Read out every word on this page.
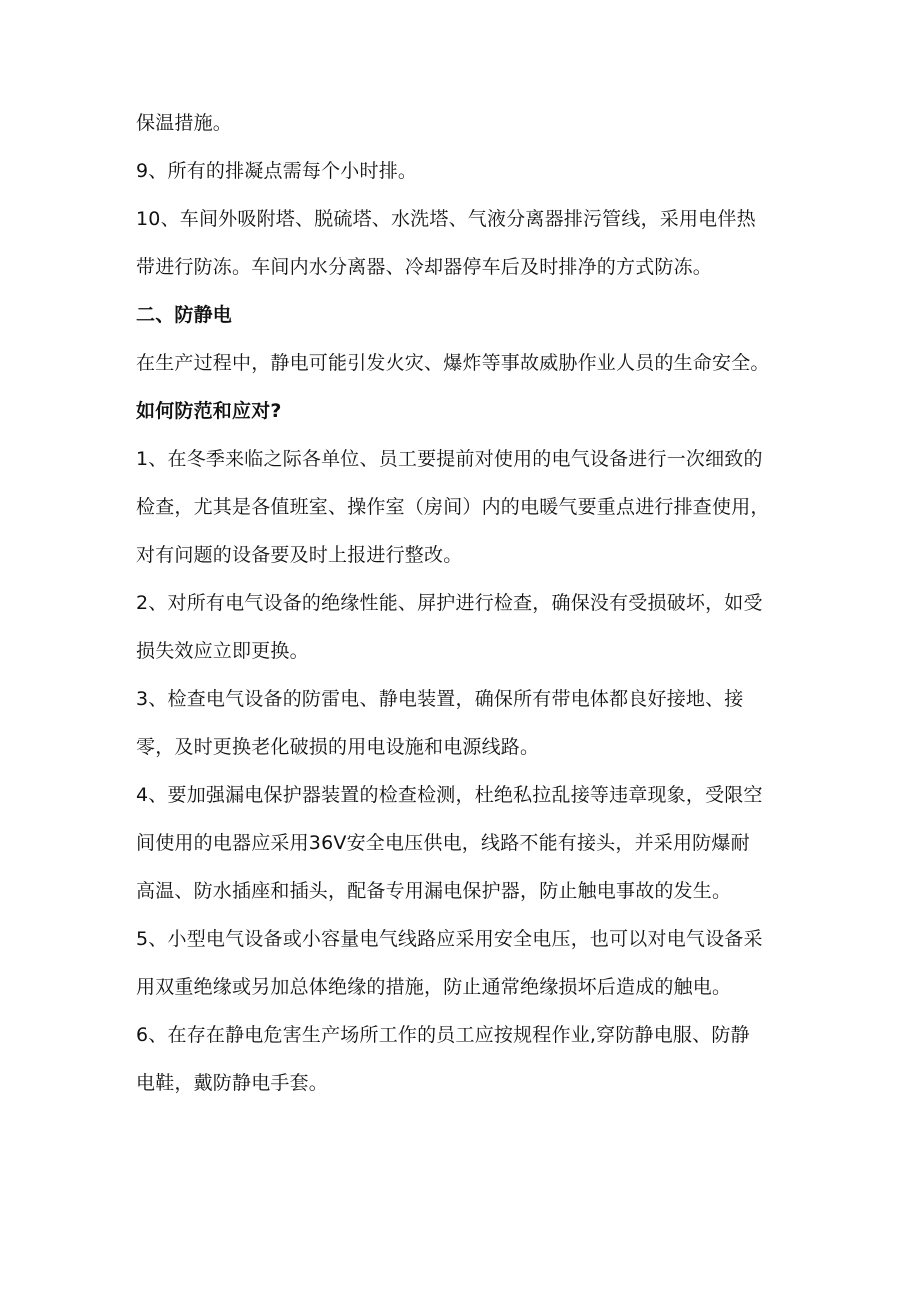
保温措施。

9、所有的排凝点需每个小时排。

10、车间外吸附塔、脱硫塔、水洗塔、气液分离器排污管线，采用电伴热

带进行防冻。车间内水分离器、冷却器停车后及时排净的方式防冻。

二、防静电

在生产过程中，静电可能引发火灾、爆炸等事故威胁作业人员的生命安全。

如何防范和应对?

1、在冬季来临之际各单位、员工要提前对使用的电气设备进行一次细致的

检查，尤其是各值班室、操作室（房间）内的电暖气要重点进行排查使用，

对有问题的设备要及时上报进行整改。

2、对所有电气设备的绝缘性能、屏护进行检查，确保没有受损破坏，如受

损失效应立即更换。

3、检查电气设备的防雷电、静电装置，确保所有带电体都良好接地、接

零，及时更换老化破损的用电设施和电源线路。

4、要加强漏电保护器装置的检查检测，杜绝私拉乱接等违章现象，受限空

间使用的电器应采用36V安全电压供电，线路不能有接头，并采用防爆耐

高温、防水插座和插头，配备专用漏电保护器，防止触电事故的发生。

5、小型电气设备或小容量电气线路应采用安全电压，也可以对电气设备采

用双重绝缘或另加总体绝缘的措施，防止通常绝缘损坏后造成的触电。

6、在存在静电危害生产场所工作的员工应按规程作业,穿防静电服、防静

电鞋，戴防静电手套。
